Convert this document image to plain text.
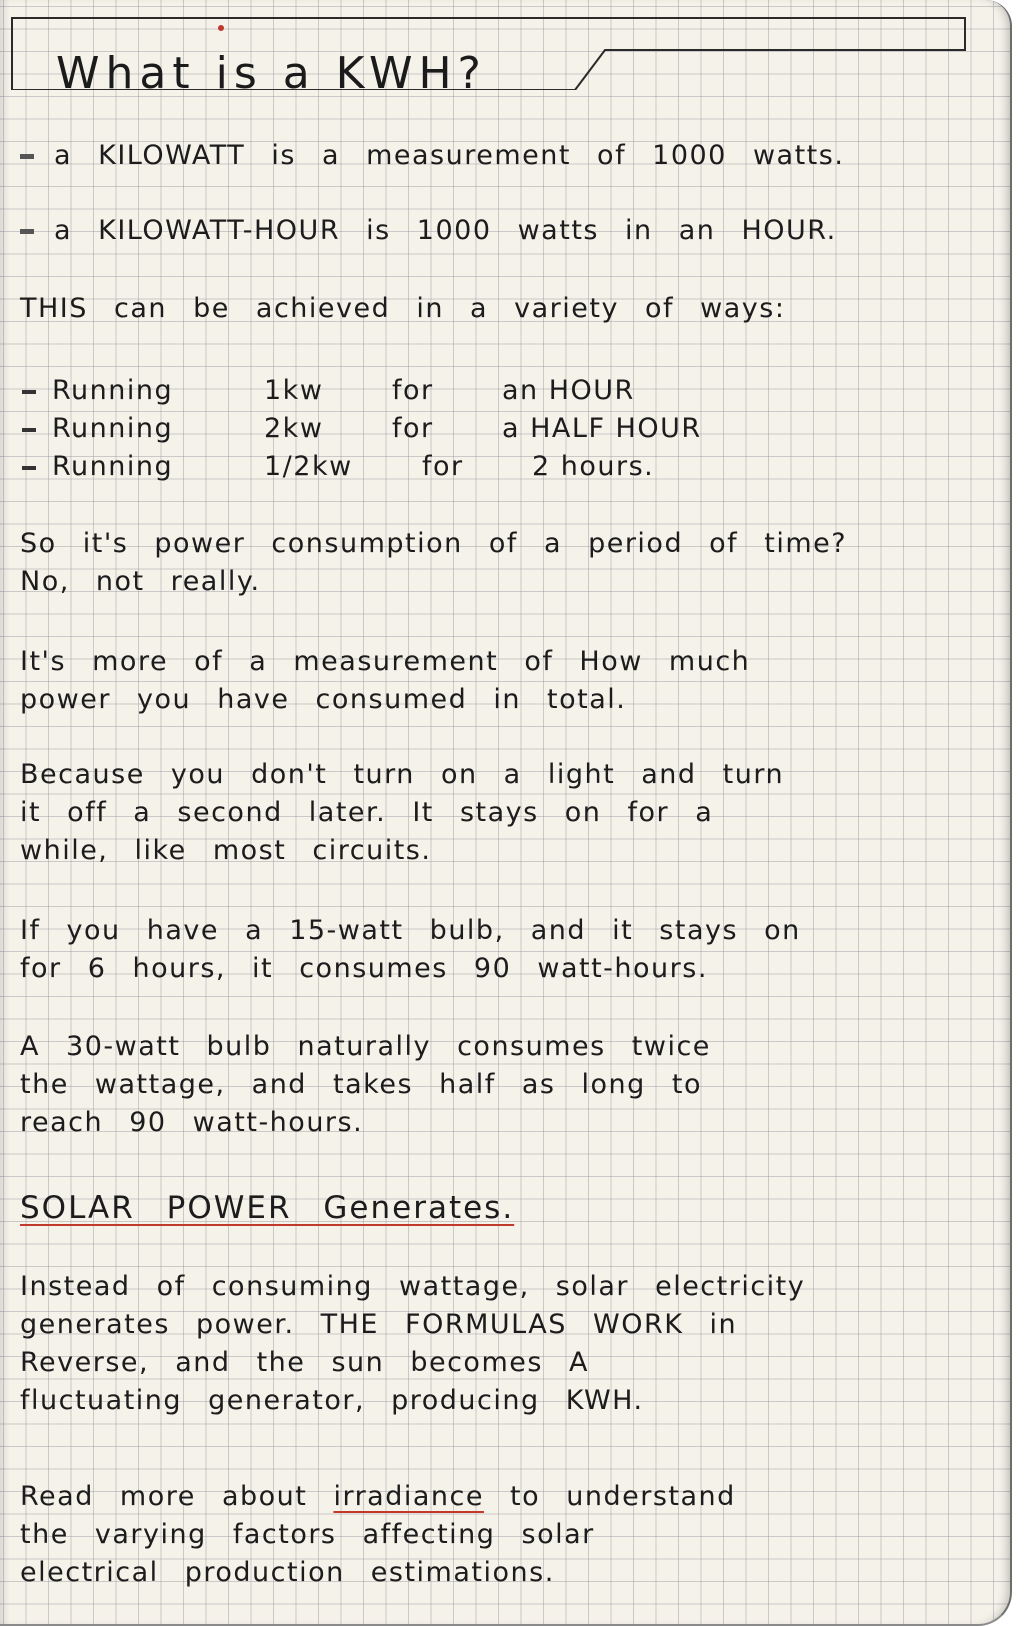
What is a KWH?
a KILOWATT is a measurement of 1000 watts.
a KILOWATT-HOUR is 1000 watts in an HOUR.
THIS can be achieved in a variety of ways:
Running	1kw	for	an HOUR
Running	2kw	for	a HALF HOUR
Running	1/2kw	for	2 hours.
So it's power consumption of a period of time?
No, not really.
It's more of a measurement of How much
power you have consumed in total.
Because you don't turn on a light and turn
it off a second later. It stays on for a
while, like most circuits.
If you have a 15-watt bulb, and it stays on
for 6 hours, it consumes 90 watt-hours.
A 30-watt bulb naturally consumes twice
the wattage, and takes half as long to
reach 90 watt-hours.
SOLAR POWER Generates.
Instead of consuming wattage, solar electricity
generates power. THE FORMULAS WORK in
Reverse, and the sun becomes A
fluctuating generator, producing KWH.
Read more about irradiance to understand
the varying factors affecting solar
electrical production estimations.
